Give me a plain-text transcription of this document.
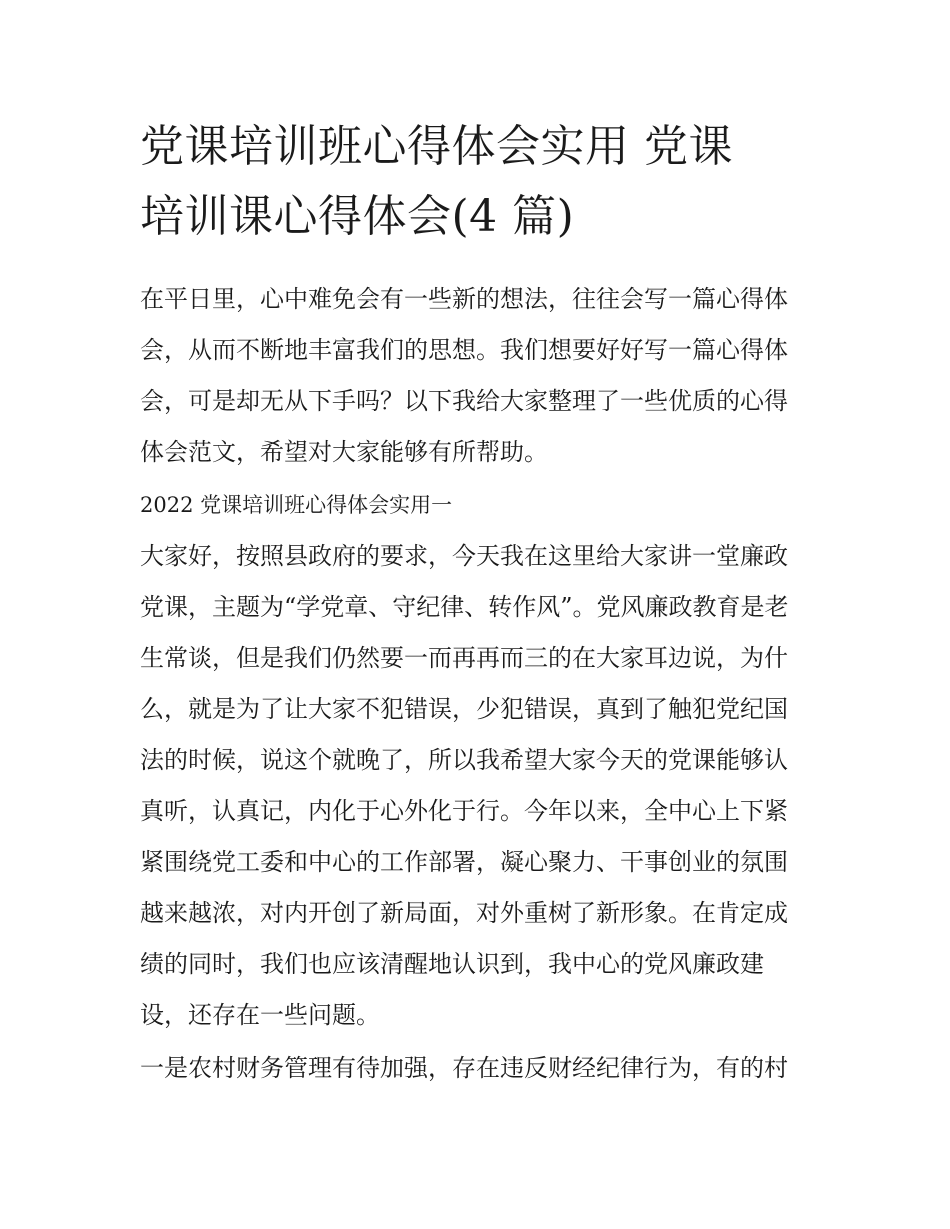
党课培训班心得体会实用 党课
培训课心得体会(4 篇)

在平日里，心中难免会有一些新的想法，往往会写一篇心得体
会，从而不断地丰富我们的思想。我们想要好好写一篇心得体
会，可是却无从下手吗？以下我给大家整理了一些优质的心得
体会范文，希望对大家能够有所帮助。

2022 党课培训班心得体会实用一

大家好，按照县政府的要求，今天我在这里给大家讲一堂廉政
党课，主题为“学党章、守纪律、转作风”。党风廉政教育是老
生常谈，但是我们仍然要一而再再而三的在大家耳边说，为什
么，就是为了让大家不犯错误，少犯错误，真到了触犯党纪国
法的时候，说这个就晚了，所以我希望大家今天的党课能够认
真听，认真记，内化于心外化于行。今年以来，全中心上下紧
紧围绕党工委和中心的工作部署，凝心聚力、干事创业的氛围
越来越浓，对内开创了新局面，对外重树了新形象。在肯定成
绩的同时，我们也应该清醒地认识到，我中心的党风廉政建
设，还存在一些问题。

一是农村财务管理有待加强，存在违反财经纪律行为，有的村
